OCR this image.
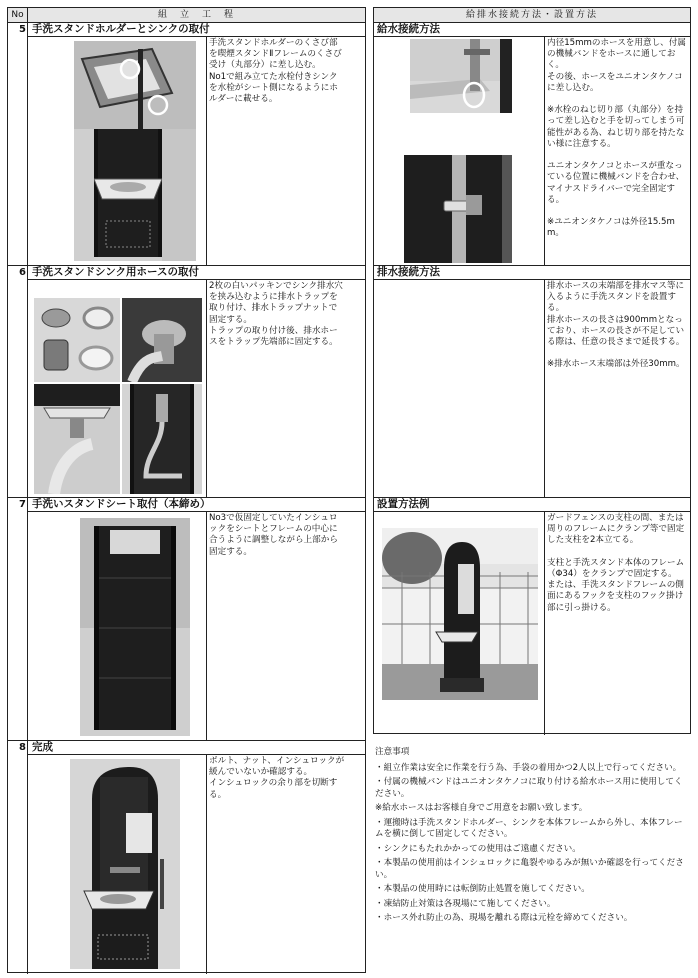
No	組　立　工　程
5 手洗スタンドホルダーとシンクの取付
手洗スタンドホルダーのくさび部を喫煙スタンドⅡフレームのくさび受け（丸部分）に差し込む。
No1で組み立てた水栓付きシンクを水栓がシート側になるようにホルダーに載せる。
6 手洗スタンドシンク用ホースの取付
2枚の白いパッキンでシンク排水穴を挟み込むように排水トラップを取り付け、排水トラップナットで固定する。
トラップの取り付け後、排水ホースをトラップ先端部に固定する。
7 手洗いスタンドシート取付（本締め）
No3で仮固定していたインシュロックをシートとフレームの中心に合うように調整しながら上部から固定する。
8 完成
ボルト、ナット、インシュロックが緩んでいないか確認する。
インシュロックの余り部を切断する。
給排水接続方法・設置方法
給水接続方法
内径15mmのホースを用意し、付属の機械バンドをホースに通しておく。
その後、ホースをユニオンタケノコに差し込む。

※水栓のねじ切り部（丸部分）を持って差し込むと手を切ってしまう可能性がある為、ねじ切り部を持たない様に注意する。

ユニオンタケノコとホースが重なっている位置に機械バンドを合わせ、マイナスドライバーで完全固定する。

※ユニオンタケノコは外径15.5mm。
排水接続方法
排水ホースの末端部を排水マス等に入るように手洗スタンドを設置する。
排水ホースの長さは900mmとなっており、ホースの長さが不足している際は、任意の長さまで延長する。

※排水ホース末端部は外径30mm。
設置方法例
ガードフェンスの支柱の間、または周りのフレームにクランプ等で固定した支柱を2本立てる。

支柱と手洗スタンド本体のフレーム（Φ34）をクランプで固定する。
または、手洗スタンドフレームの側面にあるフックを支柱のフック掛け部に引っ掛ける。
注意事項
・組立作業は安全に作業を行う為、手袋の着用かつ2人以上で行ってください。
・付属の機械バンドはユニオンタケノコに取り付ける給水ホース用に使用してください。
※給水ホースはお客様自身でご用意をお願い致します。
・運搬時は手洗スタンドホルダー、シンクを本体フレームから外し、本体フレームを横に倒して固定してください。
・シンクにもたれかかっての使用はご遠慮ください。
・本製品の使用前はインシュロックに亀裂やゆるみが無いか確認を行ってください。
・本製品の使用時には転倒防止処置を施してください。
・凍結防止対策は各現場にて施してください。
・ホース外れ防止の為、現場を離れる際は元栓を締めてください。
